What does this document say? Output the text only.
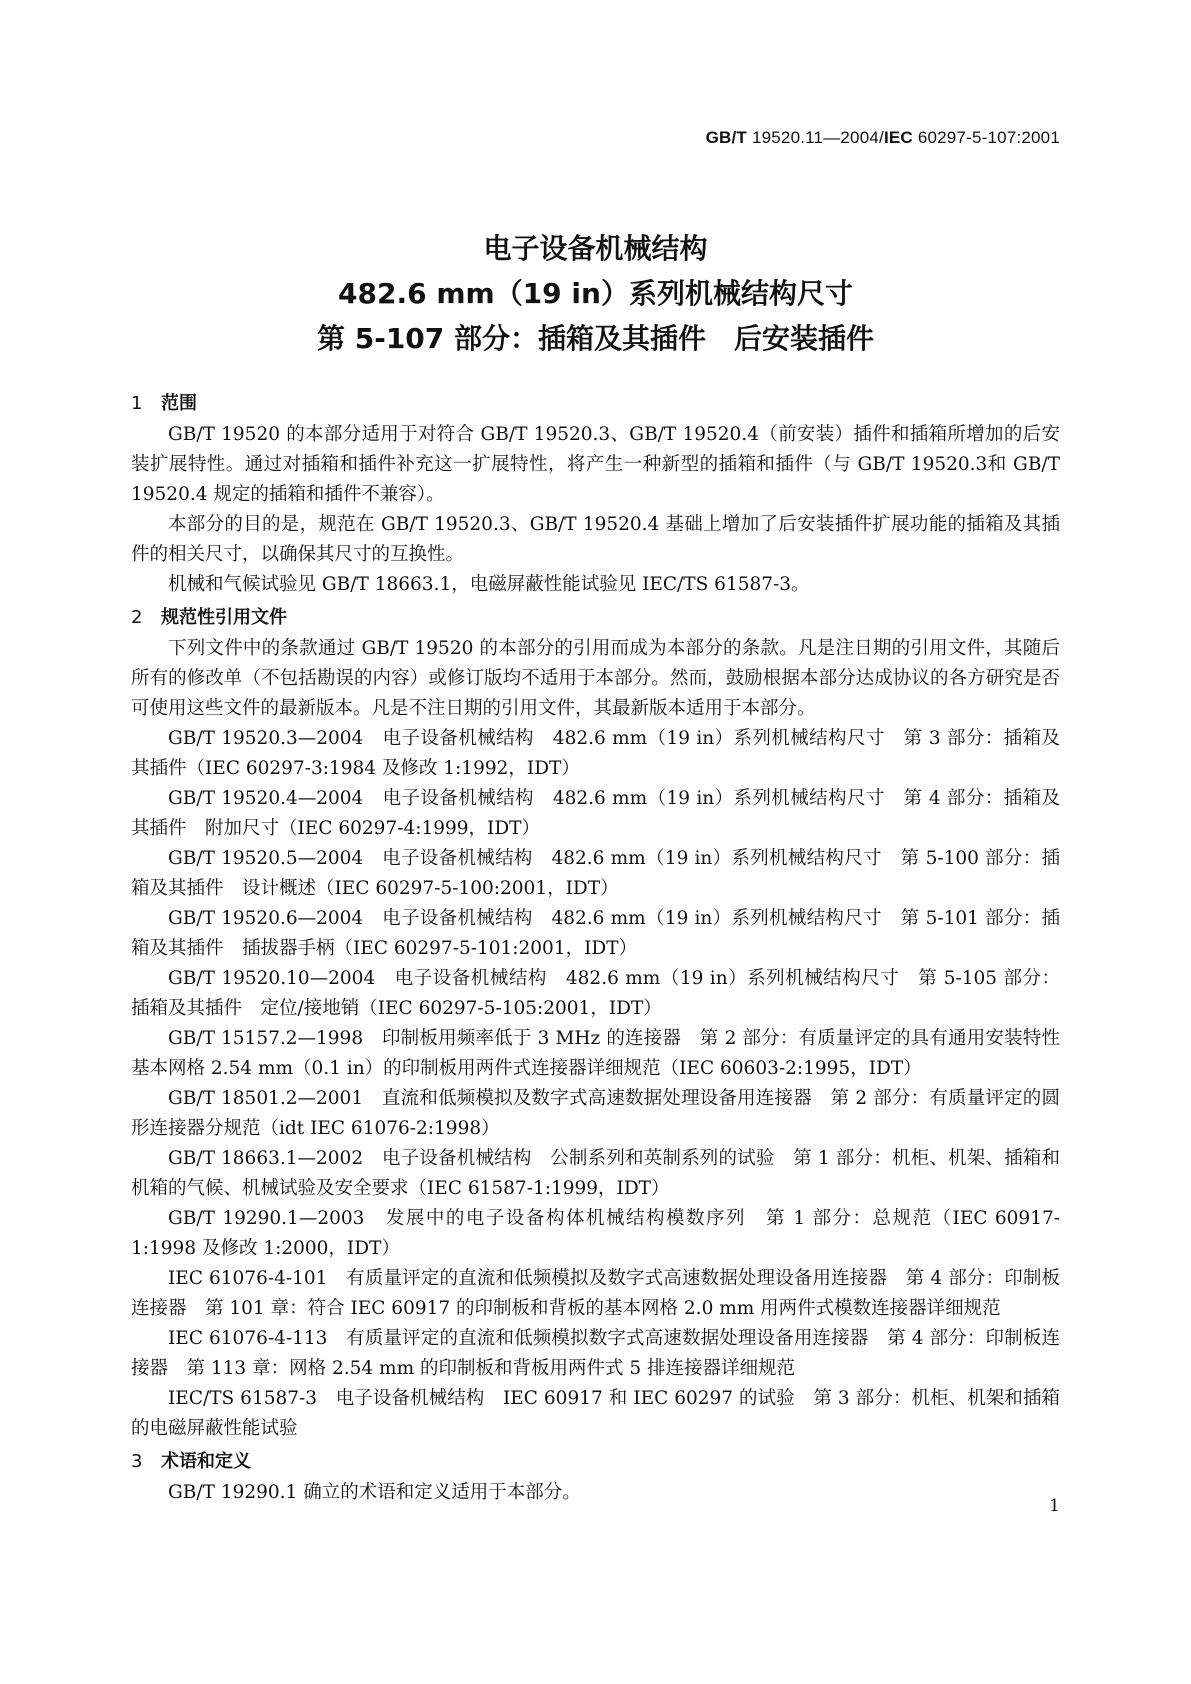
GB/T 19520.11—2004/IEC 60297-5-107:2001
电子设备机械结构
482.6 mm（19 in）系列机械结构尺寸
第 5-107 部分：插箱及其插件　后安装插件
1 范围

GB/T 19520 的本部分适用于对符合 GB/T 19520.3、GB/T 19520.4（前安装）插件和插箱所增加的后安装扩展特性。通过对插箱和插件补充这一扩展特性，将产生一种新型的插箱和插件（与 GB/T 19520.3和 GB/T 19520.4 规定的插箱和插件不兼容）。

本部分的目的是，规范在 GB/T 19520.3、GB/T 19520.4 基础上增加了后安装插件扩展功能的插箱及其插件的相关尺寸，以确保其尺寸的互换性。

机械和气候试验见 GB/T 18663.1，电磁屏蔽性能试验见 IEC/TS 61587-3。

2 规范性引用文件

下列文件中的条款通过 GB/T 19520 的本部分的引用而成为本部分的条款。凡是注日期的引用文件，其随后所有的修改单（不包括勘误的内容）或修订版均不适用于本部分。然而，鼓励根据本部分达成协议的各方研究是否可使用这些文件的最新版本。凡是不注日期的引用文件，其最新版本适用于本部分。

GB/T 19520.3—2004　电子设备机械结构　482.6 mm（19 in）系列机械结构尺寸　第 3 部分：插箱及其插件（IEC 60297-3:1984 及修改 1:1992，IDT）

GB/T 19520.4—2004　电子设备机械结构　482.6 mm（19 in）系列机械结构尺寸　第 4 部分：插箱及其插件　附加尺寸（IEC 60297-4:1999，IDT）

GB/T 19520.5—2004　电子设备机械结构　482.6 mm（19 in）系列机械结构尺寸　第 5-100 部分：插箱及其插件　设计概述（IEC 60297-5-100:2001，IDT）

GB/T 19520.6—2004　电子设备机械结构　482.6 mm（19 in）系列机械结构尺寸　第 5-101 部分：插箱及其插件　插拔器手柄（IEC 60297-5-101:2001，IDT）

GB/T 19520.10—2004　电子设备机械结构　482.6 mm（19 in）系列机械结构尺寸　第 5-105 部分：插箱及其插件　定位/接地销（IEC 60297-5-105:2001，IDT）

GB/T 15157.2—1998　印制板用频率低于 3 MHz 的连接器　第 2 部分：有质量评定的具有通用安装特性　基本网格 2.54 mm（0.1 in）的印制板用两件式连接器详细规范（IEC 60603-2:1995，IDT）

GB/T 18501.2—2001　直流和低频模拟及数字式高速数据处理设备用连接器　第 2 部分：有质量评定的圆形连接器分规范（idt IEC 61076-2:1998）

GB/T 18663.1—2002　电子设备机械结构　公制系列和英制系列的试验　第 1 部分：机柜、机架、插箱和机箱的气候、机械试验及安全要求（IEC 61587-1:1999，IDT）

GB/T 19290.1—2003　发展中的电子设备构体机械结构模数序列　第 1 部分：总规范（IEC 60917-1:1998 及修改 1:2000，IDT）

IEC 61076-4-101　有质量评定的直流和低频模拟及数字式高速数据处理设备用连接器　第 4 部分：印制板连接器　第 101 章：符合 IEC 60917 的印制板和背板的基本网格 2.0 mm 用两件式模数连接器详细规范

IEC 61076-4-113　有质量评定的直流和低频模拟数字式高速数据处理设备用连接器　第 4 部分：印制板连接器　第 113 章：网格 2.54 mm 的印制板和背板用两件式 5 排连接器详细规范

IEC/TS 61587-3　电子设备机械结构　IEC 60917 和 IEC 60297 的试验　第 3 部分：机柜、机架和插箱的电磁屏蔽性能试验

3 术语和定义

GB/T 19290.1 确立的术语和定义适用于本部分。

1
